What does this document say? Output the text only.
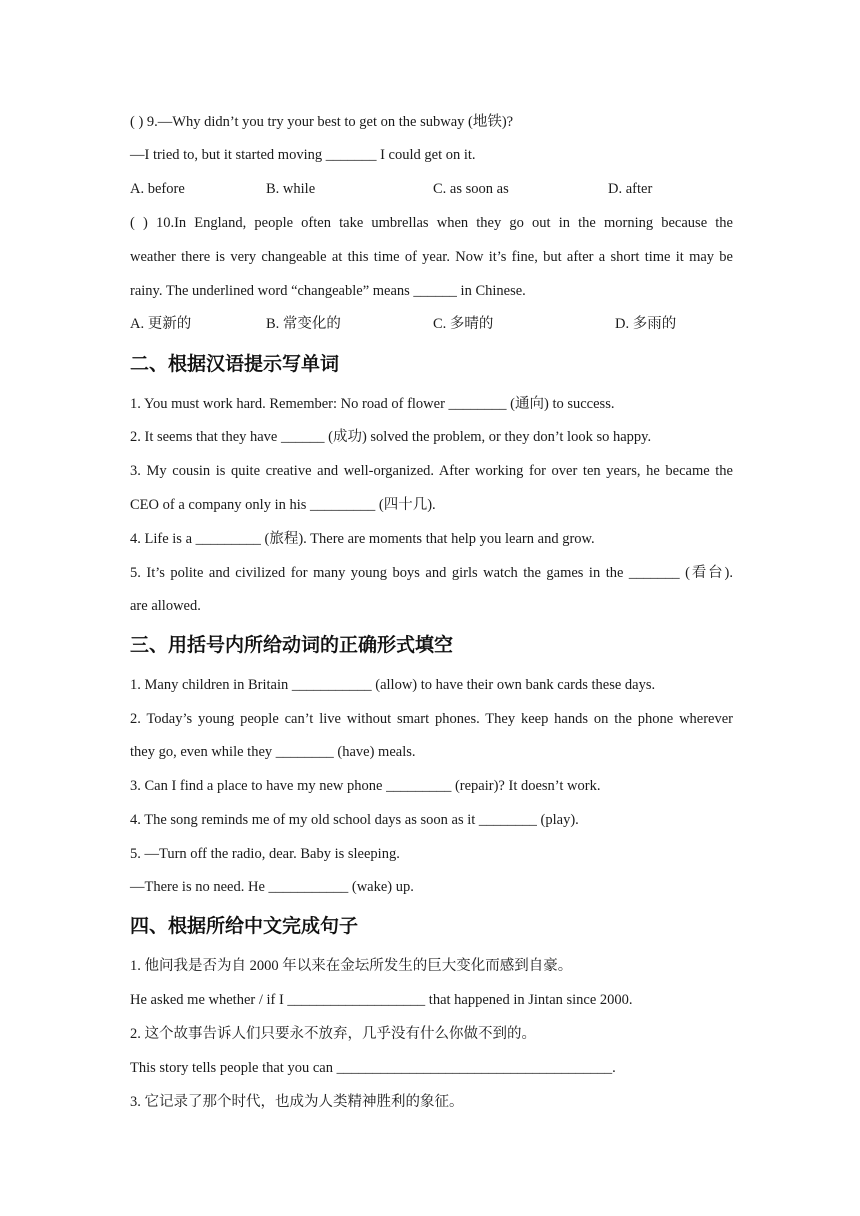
( ) 9.—Why didn’t you try your best to get on the subway (地铁)?
—I tried to, but it started moving _______ I could get on it.
A. before	B. while	C. as soon as	D. after
( ) 10.In England, people often take umbrellas when they go out in the morning because the
weather there is very changeable at this time of year. Now it’s fine, but after a short time it may be
rainy. The underlined word “changeable” means ______ in Chinese.
A. 更新的	B. 常变化的	C. 多晴的	D. 多雨的
二、根据汉语提示写单词
1. You must work hard. Remember: No road of flower ________ (通向) to success.
2. It seems that they have ______ (成功) solved the problem, or they don’t look so happy.
3. My cousin is quite creative and well-organized. After working for over ten years, he became the
CEO of a company only in his _________ (四十几).
4. Life is a _________ (旅程). There are moments that help you learn and grow.
5. It’s polite and civilized for many young boys and girls watch the games in the _______ (看台).
are allowed.
三、用括号内所给动词的正确形式填空
1. Many children in Britain ___________ (allow) to have their own bank cards these days.
2. Today’s young people can’t live without smart phones. They keep hands on the phone wherever
they go, even while they ________ (have) meals.
3. Can I find a place to have my new phone _________ (repair)? It doesn’t work.
4. The song reminds me of my old school days as soon as it ________ (play).
5. —Turn off the radio, dear. Baby is sleeping.
—There is no need. He ___________ (wake) up.
四、根据所给中文完成句子
1. 他问我是否为自 2000 年以来在金坛所发生的巨大变化而感到自豪。
He asked me whether / if I ___________________ that happened in Jintan since 2000.
2. 这个故事告诉人们只要永不放弃，几乎没有什么你做不到的。
This story tells people that you can ______________________________________.
3. 它记录了那个时代，也成为人类精神胜利的象征。
